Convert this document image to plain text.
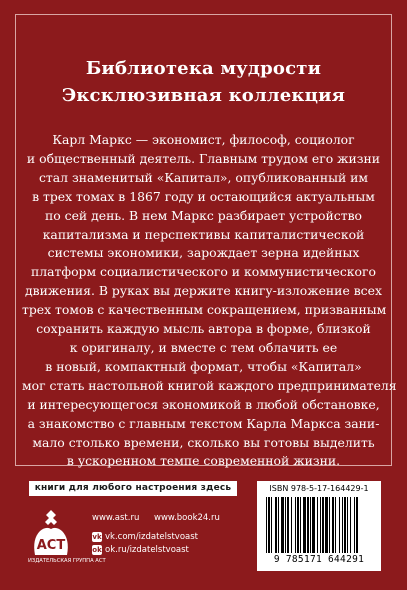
Библиотека мудрости
Эксклюзивная коллекция
Карл Маркс — экономист, философ, социолог
и общественный деятель. Главным трудом его жизни
стал знаменитый «Капитал», опубликованный им
в трех томах в 1867 году и остающийся актуальным
по сей день. В нем Маркс разбирает устройство
капитализма и перспективы капиталистической
системы экономики, зарождает зерна идейных
платформ социалистического и коммунистического
движения. В руках вы держите книгу-изложение всех
трех томов с качественным сокращением, призванным
сохранить каждую мысль автора в форме, близкой
к оригиналу, и вместе с тем облачить ее
в новый, компактный формат, чтобы «Капитал»
мог стать настольной книгой каждого предпринимателя
и интересующегося экономикой в любой обстановке,
а знакомство с главным текстом Карла Маркса зани-
мало столько времени, сколько вы готовы выделить
в ускоренном темпе современной жизни.
книги для любого настроения здесь
ACT
ИЗДАТЕЛЬСКАЯ ГРУППА АСТ
www.ast.ru www.book24.ru
vk vk.com/izdatelstvoast
ok ok.ru/izdatelstvoast
ISBN 978-5-17-164429-1
9 785171 644291
